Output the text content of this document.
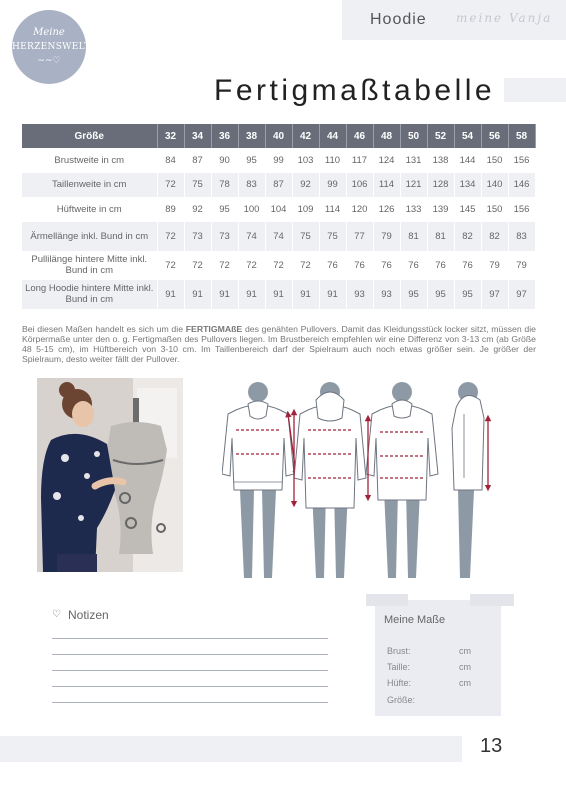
Meine
HERZENSWELT
~~♡
Hoodie meine Vanja
Fertigmaßtabelle
Größe	32	34	36	38	40	42	44	46	48	50	52	54	56	58
Brustweite in cm	84	87	90	95	99	103	110	117	124	131	138	144	150	156
Taillenweite in cm	72	75	78	83	87	92	99	106	114	121	128	134	140	146
Hüftweite in cm	89	92	95	100	104	109	114	120	126	133	139	145	150	156
Ärmellänge inkl. Bund in cm	72	73	73	74	74	75	75	77	79	81	81	82	82	83
Pullilänge hintere Mitte inkl. Bund in cm	72	72	72	72	72	72	76	76	76	76	76	76	79	79
Long Hoodie hintere Mitte inkl. Bund in cm	91	91	91	91	91	91	91	93	93	95	95	95	97	97
Bei diesen Maßen handelt es sich um die FERTIGMAßE des genähten Pullovers. Damit das Kleidungsstück locker sitzt, müssen die Körpermaße unter den o. g. Fertigmaßen des Pullovers liegen. Im Brustbereich empfehlen wir eine Differenz von 3-13 cm (ab Größe 48 5-15 cm), im Hüftbereich von 3-10 cm. Im Taillenbereich darf der Spielraum auch noch etwas größer sein. Je größer der Spielraum, desto weiter fällt der Pullover.
♡ Notizen	Meine Maße
Brust:	cm
Taille:	cm
Hüfte:	cm
Größe:
13
